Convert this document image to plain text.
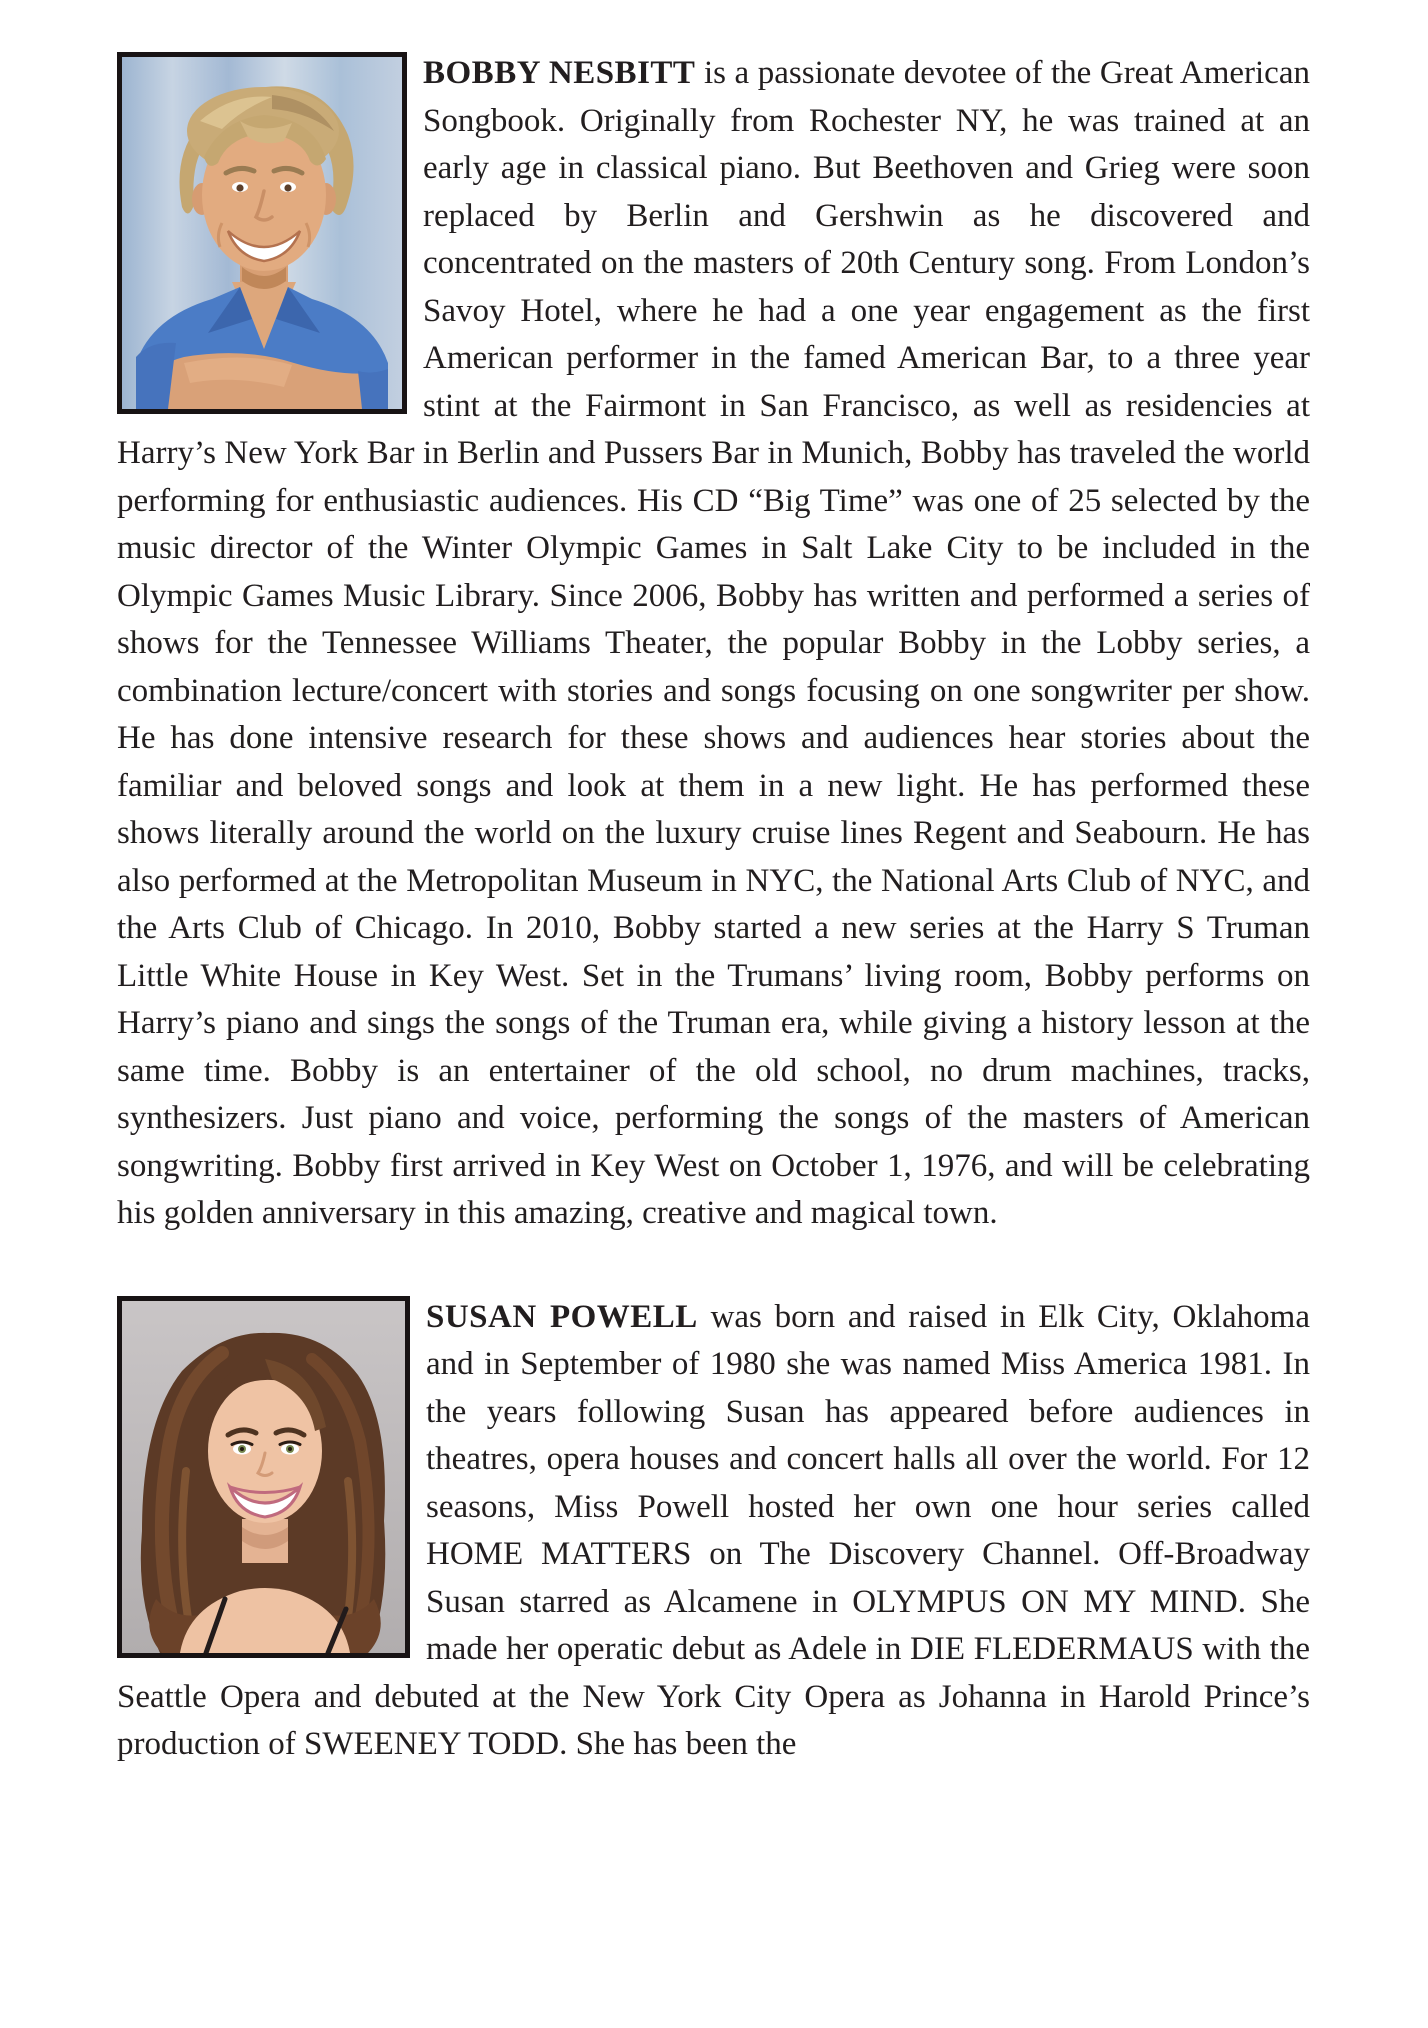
BOBBY NESBITT is a passionate devotee of the Great American Songbook. Originally from Rochester NY, he was trained at an early age in classical piano. But Beethoven and Grieg were soon replaced by Berlin and Gershwin as he discovered and concentrated on the masters of 20th Century song. From London’s Savoy Hotel, where he had a one year engagement as the first American performer in the famed American Bar, to a three year stint at the Fairmont in San Francisco, as well as residencies at Harry’s New York Bar in Berlin and Pussers Bar in Munich, Bobby has traveled the world performing for enthusiastic audiences. His CD “Big Time” was one of 25 selected by the music director of the Winter Olympic Games in Salt Lake City to be included in the Olympic Games Music Library. Since 2006, Bobby has written and performed a series of shows for the Tennessee Williams Theater, the popular Bobby in the Lobby series, a combination lecture/concert with stories and songs focusing on one songwriter per show. He has done intensive research for these shows and audiences hear stories about the familiar and beloved songs and look at them in a new light. He has performed these shows literally around the world on the luxury cruise lines Regent and Seabourn. He has also performed at the Metropolitan Museum in NYC, the National Arts Club of NYC, and the Arts Club of Chicago. In 2010, Bobby started a new series at the Harry S Truman Little White House in Key West. Set in the Trumans’ living room, Bobby performs on Harry’s piano and sings the songs of the Truman era, while giving a history lesson at the same time. Bobby is an entertainer of the old school, no drum machines, tracks, synthesizers. Just piano and voice, performing the songs of the masters of American songwriting. Bobby first arrived in Key West on October 1, 1976, and will be celebrating his golden anniversary in this amazing, creative and magical town.

SUSAN POWELL was born and raised in Elk City, Oklahoma and in September of 1980 she was named Miss America 1981. In the years following Susan has appeared before audiences in theatres, opera houses and concert halls all over the world. For 12 seasons, Miss Powell hosted her own one hour series called HOME MATTERS on The Discovery Channel. Off-Broadway Susan starred as Alcamene in OLYMPUS ON MY MIND. She made her operatic debut as Adele in DIE FLEDERMAUS with the Seattle Opera and debuted at the New York City Opera as Johanna in Harold Prince’s production of SWEENEY TODD. She has been the
